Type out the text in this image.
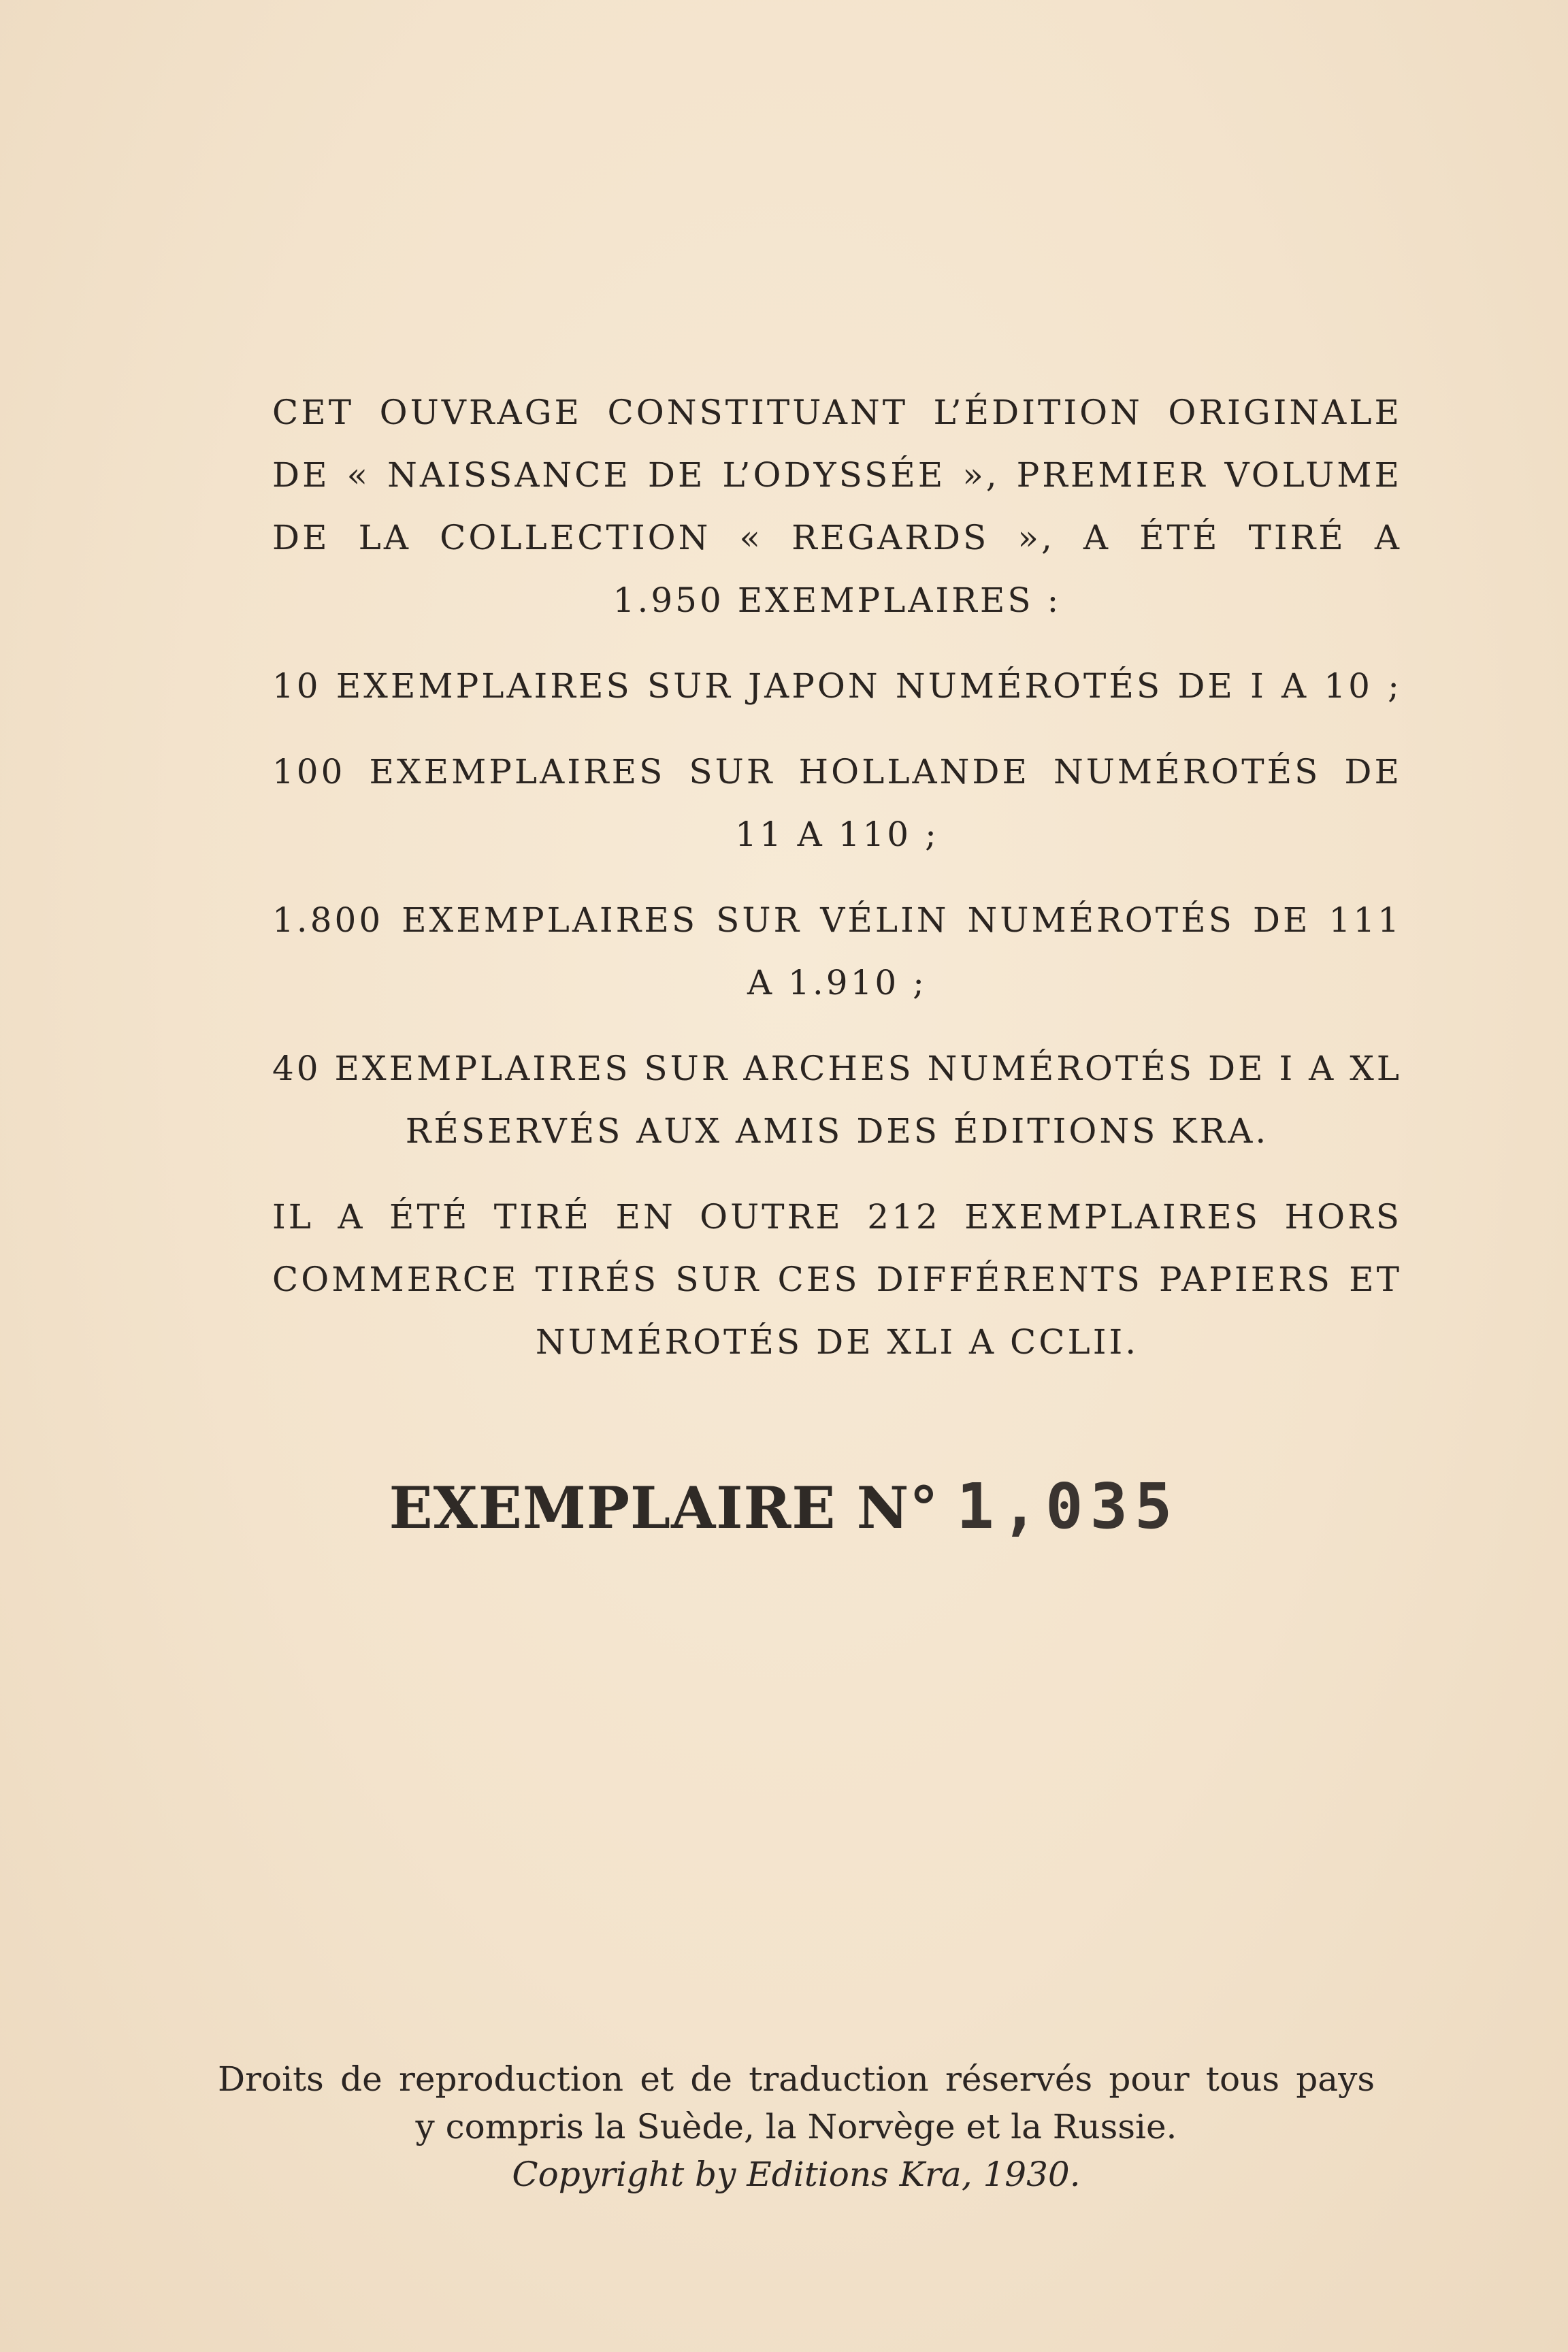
CET OUVRAGE CONSTITUANT L’ÉDITION ORIGINALE
DE « NAISSANCE DE L’ODYSSÉE », PREMIER VOLUME
DE LA COLLECTION « REGARDS », A ÉTÉ TIRÉ A
1.950 EXEMPLAIRES :

10 EXEMPLAIRES SUR JAPON NUMÉROTÉS DE I A 10 ;

100 EXEMPLAIRES SUR HOLLANDE NUMÉROTÉS DE
11 A 110 ;

1.800 EXEMPLAIRES SUR VÉLIN NUMÉROTÉS DE 111
A 1.910 ;

40 EXEMPLAIRES SUR ARCHES NUMÉROTÉS DE I A XL
RÉSERVÉS AUX AMIS DES ÉDITIONS KRA.

IL A ÉTÉ TIRÉ EN OUTRE 212 EXEMPLAIRES HORS
COMMERCE TIRÉS SUR CES DIFFÉRENTS PAPIERS ET
NUMÉROTÉS DE XLI A CCLII.

EXEMPLAIRE N° 1,035
Droits de reproduction et de traduction réservés pour tous pays
y compris la Suède, la Norvège et la Russie.
Copyright by Editions Kra, 1930.
